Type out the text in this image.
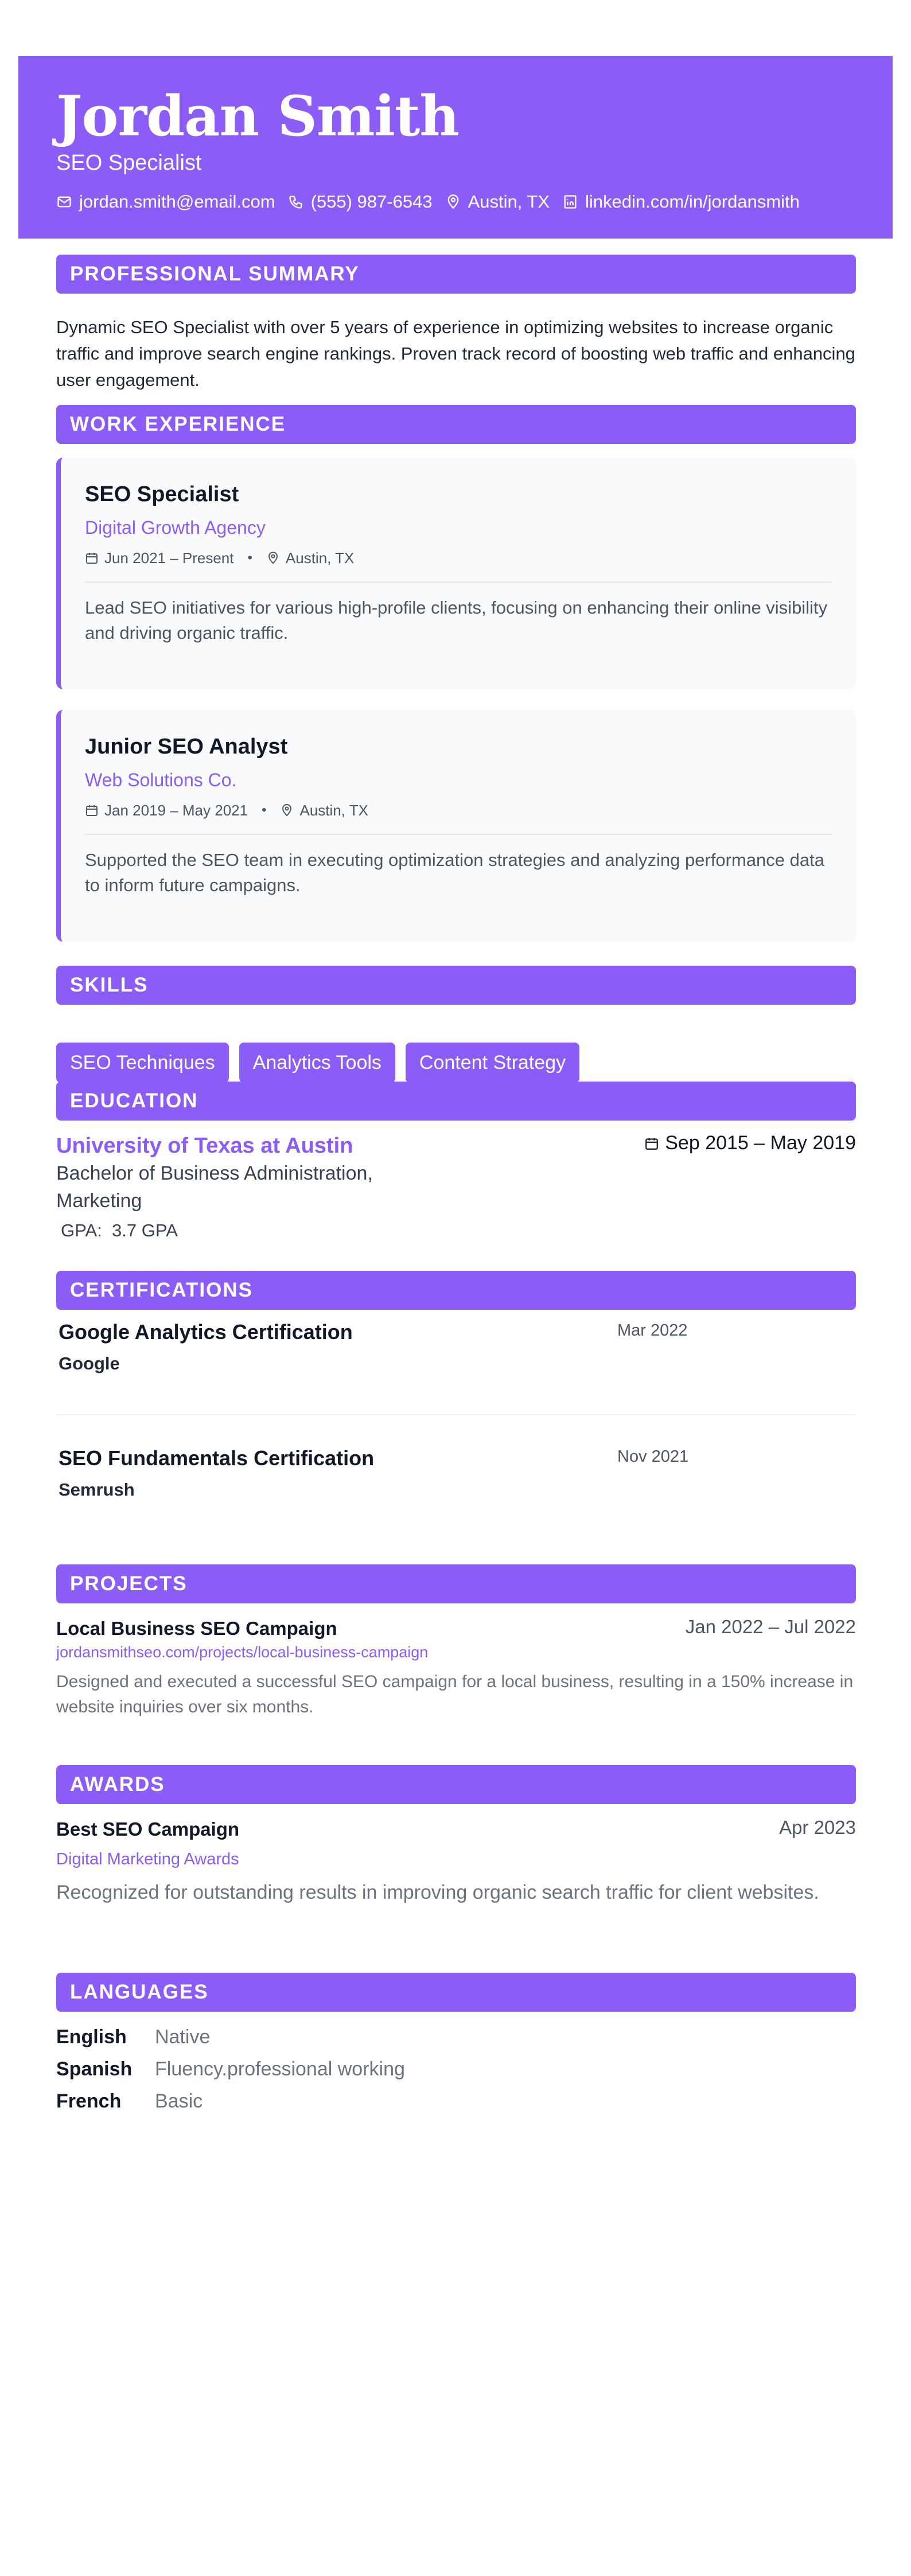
Jordan Smith
SEO Specialist
jordan.smith@email.com (555) 987-6543 Austin, TX linkedin.com/in/jordansmith
PROFESSIONAL SUMMARY
Dynamic SEO Specialist with over 5 years of experience in optimizing websites to increase organic traffic and improve search engine rankings. Proven track record of boosting web traffic and enhancing user engagement.
WORK EXPERIENCE
SEO Specialist
Digital Growth Agency
Jun 2021 – Present • Austin, TX
Lead SEO initiatives for various high-profile clients, focusing on enhancing their online visibility and driving organic traffic.
Junior SEO Analyst
Web Solutions Co.
Jan 2019 – May 2021 • Austin, TX
Supported the SEO team in executing optimization strategies and analyzing performance data to inform future campaigns.
SKILLS
SEO Techniques	Analytics Tools	Content Strategy
EDUCATION
University of Texas at Austin
Bachelor of Business Administration, Marketing
GPA: 3.7 GPA
Sep 2015
–
May 2019
CERTIFICATIONS
Google Analytics Certification
Google
Mar 2022
SEO Fundamentals Certification
Semrush
Nov 2021
PROJECTS
Local Business SEO Campaign
jordansmithseo.com/projects/local-business-campaign
Designed and executed a successful SEO campaign for a local business, resulting in a 150% increase in website inquiries over six months.
Jan 2022 – Jul 2022
AWARDS
Best SEO Campaign
Digital Marketing Awards
Recognized for outstanding results in improving organic search traffic for client websites.
Apr 2023
LANGUAGES
English	Native
Spanish	Fluency.professional working
French	Basic
